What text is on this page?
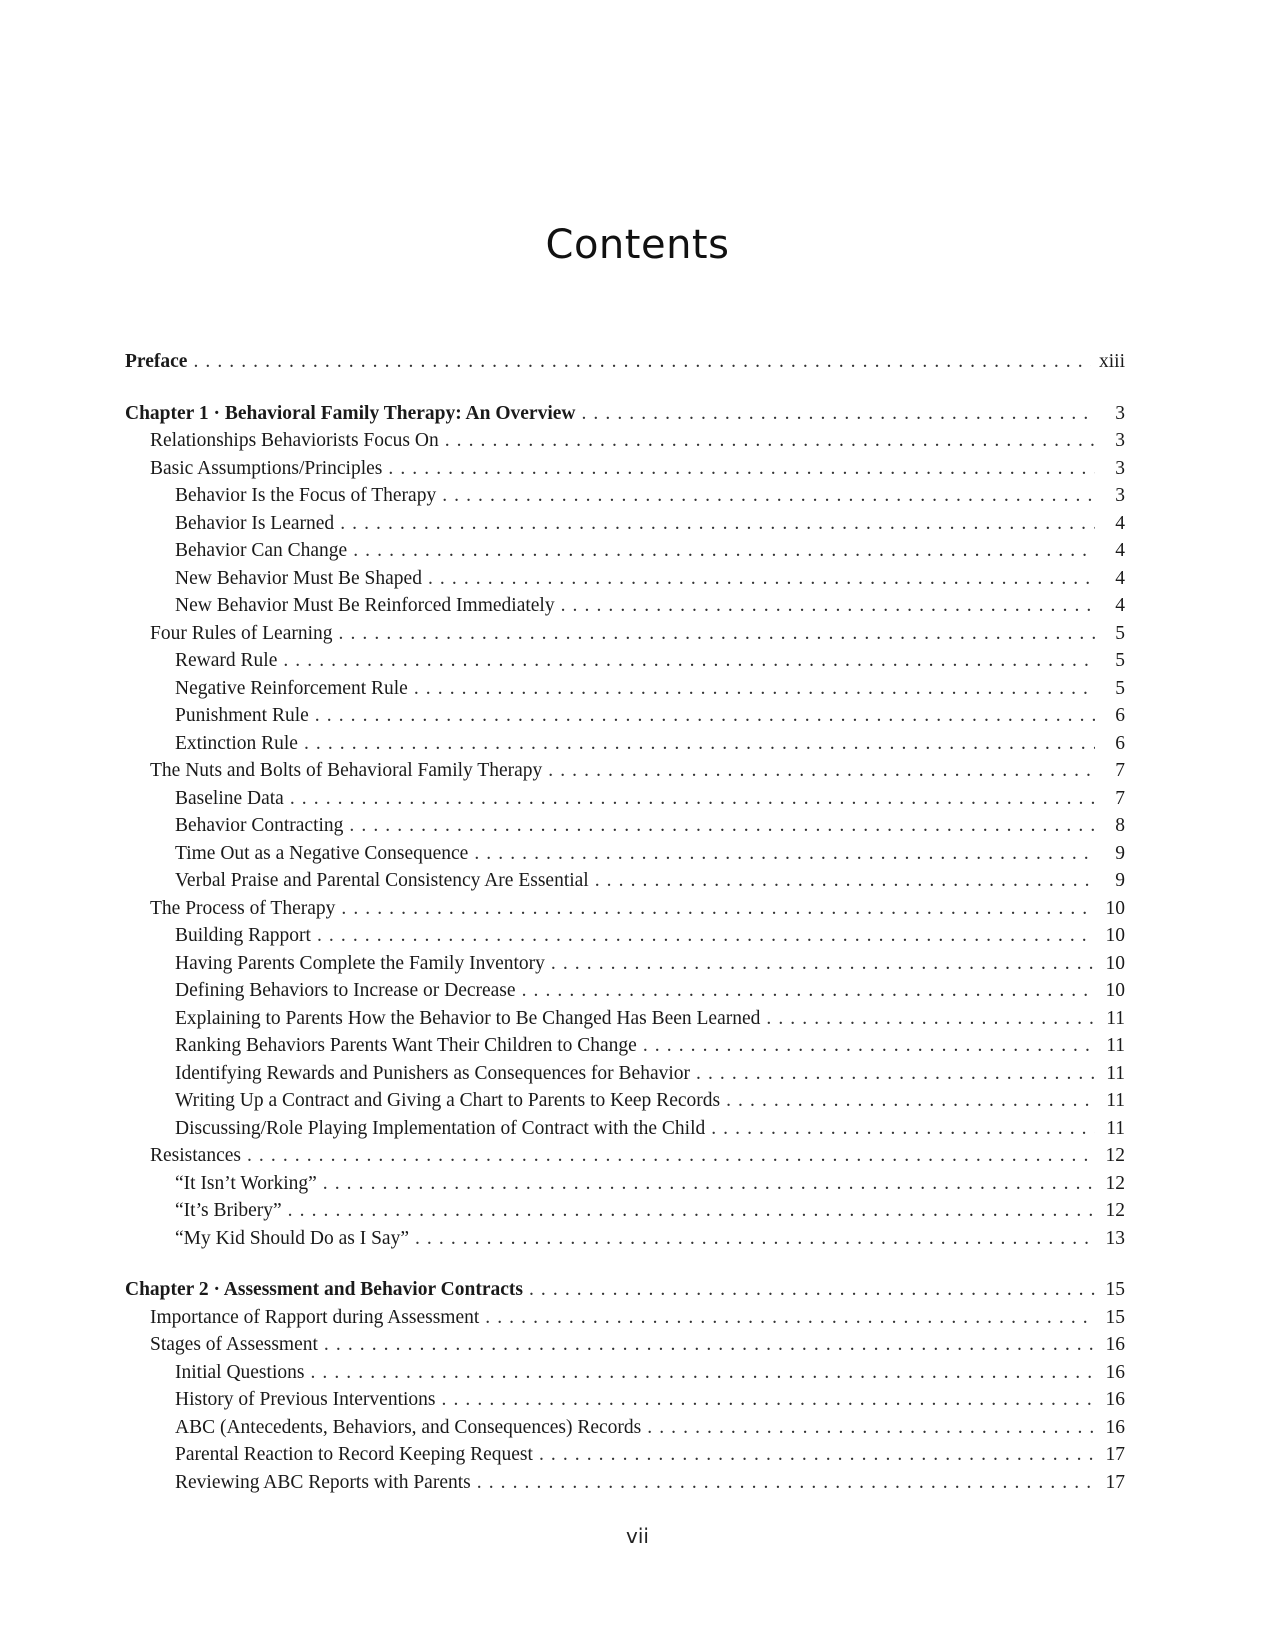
Contents
Preface . . .	xiii
Chapter 1 · Behavioral Family Therapy: An Overview . . .	3
Relationships Behaviorists Focus On . . .	3
Basic Assumptions/Principles . . .	3
Behavior Is the Focus of Therapy . . .	3
Behavior Is Learned . . .	4
Behavior Can Change . . .	4
New Behavior Must Be Shaped . . .	4
New Behavior Must Be Reinforced Immediately . . .	4
Four Rules of Learning . . .	5
Reward Rule . . .	5
Negative Reinforcement Rule . . .	5
Punishment Rule . . .	6
Extinction Rule . . .	6
The Nuts and Bolts of Behavioral Family Therapy . . .	7
Baseline Data . . .	7
Behavior Contracting . . .	8
Time Out as a Negative Consequence . . .	9
Verbal Praise and Parental Consistency Are Essential . . .	9
The Process of Therapy . . .	10
Building Rapport . . .	10
Having Parents Complete the Family Inventory . . .	10
Defining Behaviors to Increase or Decrease . . .	10
Explaining to Parents How the Behavior to Be Changed Has Been Learned . . .	11
Ranking Behaviors Parents Want Their Children to Change . . .	11
Identifying Rewards and Punishers as Consequences for Behavior . . .	11
Writing Up a Contract and Giving a Chart to Parents to Keep Records . . .	11
Discussing/Role Playing Implementation of Contract with the Child . . .	11
Resistances . . .	12
“It Isn’t Working” . . .	12
“It’s Bribery” . . .	12
“My Kid Should Do as I Say” . . .	13
Chapter 2 · Assessment and Behavior Contracts . . .	15
Importance of Rapport during Assessment . . .	15
Stages of Assessment . . .	16
Initial Questions . . .	16
History of Previous Interventions . . .	16
ABC (Antecedents, Behaviors, and Consequences) Records . . .	16
Parental Reaction to Record Keeping Request . . .	17
Reviewing ABC Reports with Parents . . .	17
vii
